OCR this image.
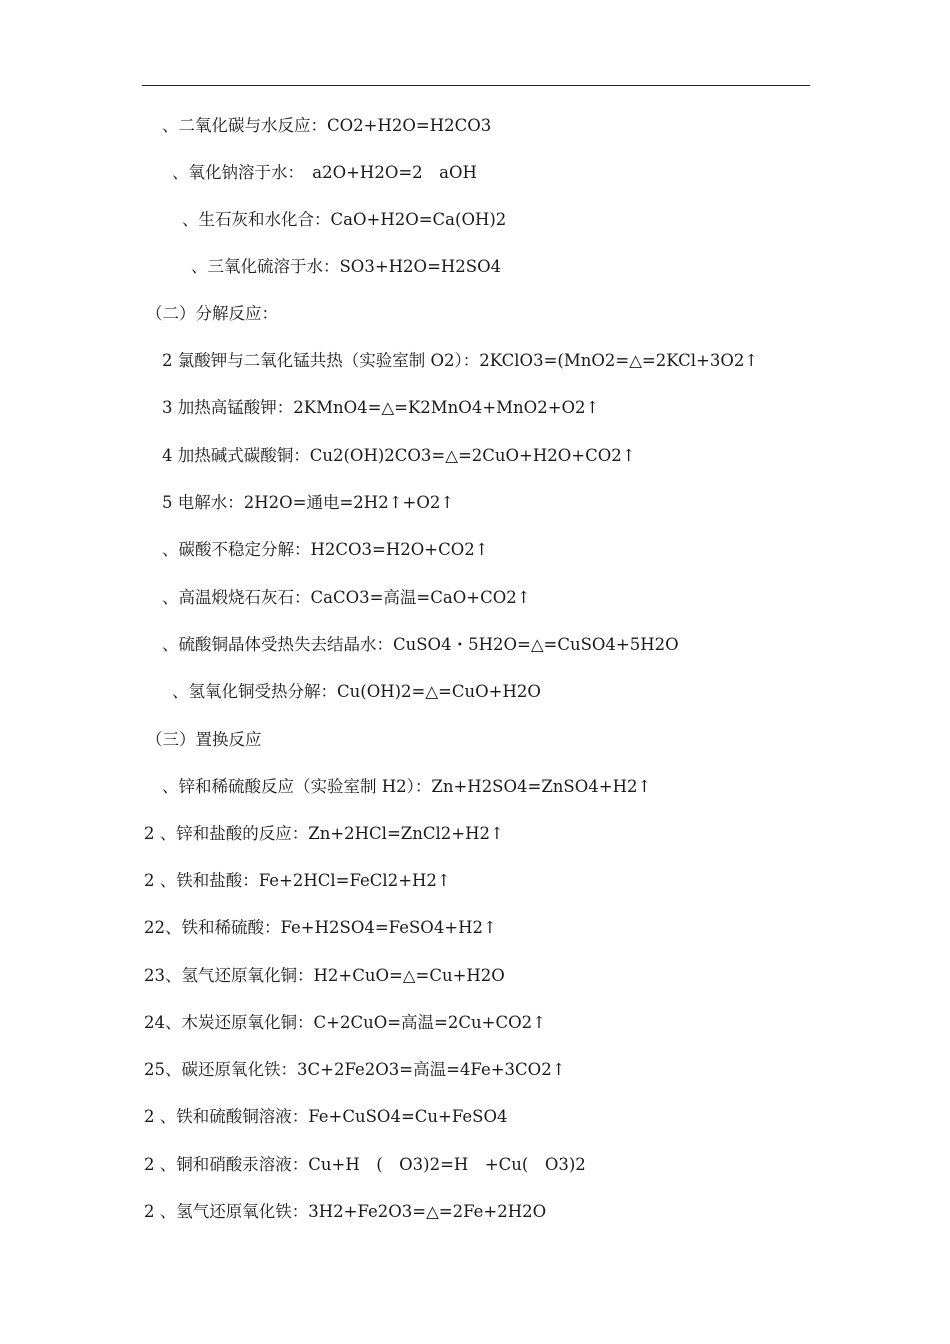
、二氧化碳与水反应：CO2+H2O=H2CO3
、氧化钠溶于水：　a2O+H2O=2　aOH
、生石灰和水化合：CaO+H2O=Ca(OH)2
、三氧化硫溶于水：SO3+H2O=H2SO4
（二）分解反应：
2 氯酸钾与二氧化锰共热（实验室制 O2）：2KClO3=(MnO2=△=2KCl+3O2↑
3 加热高锰酸钾：2KMnO4=△=K2MnO4+MnO2+O2↑
4 加热碱式碳酸铜：Cu2(OH)2CO3=△=2CuO+H2O+CO2↑
5 电解水：2H2O=通电=2H2↑+O2↑
、碳酸不稳定分解：H2CO3=H2O+CO2↑
、高温煅烧石灰石：CaCO3=高温=CaO+CO2↑
、硫酸铜晶体受热失去结晶水：CuSO4・5H2O=△=CuSO4+5H2O
、氢氧化铜受热分解：Cu(OH)2=△=CuO+H2O
（三）置换反应
、锌和稀硫酸反应（实验室制 H2）：Zn+H2SO4=ZnSO4+H2↑
2 、锌和盐酸的反应：Zn+2HCl=ZnCl2+H2↑
2 、铁和盐酸：Fe+2HCl=FeCl2+H2↑
22、铁和稀硫酸：Fe+H2SO4=FeSO4+H2↑
23、氢气还原氧化铜：H2+CuO=△=Cu+H2O
24、木炭还原氧化铜：C+2CuO=高温=2Cu+CO2↑
25、碳还原氧化铁：3C+2Fe2O3=高温=4Fe+3CO2↑
2 、铁和硫酸铜溶液：Fe+CuSO4=Cu+FeSO4
2 、铜和硝酸汞溶液：Cu+H　(　O3)2=H　+Cu(　O3)2
2 、氢气还原氧化铁：3H2+Fe2O3=△=2Fe+2H2O
